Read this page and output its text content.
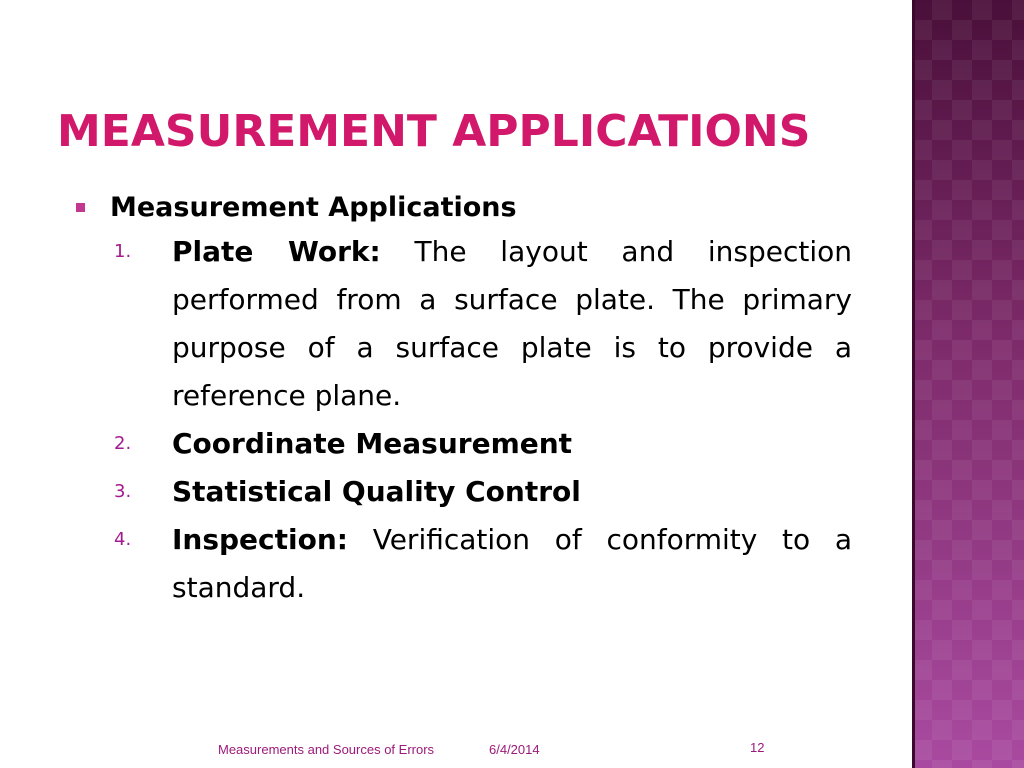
MEASUREMENT APPLICATIONS
Measurement Applications
1. Plate Work: The layout and inspection performed from a surface plate. The primary purpose of a surface plate is to provide a reference plane.
2. Coordinate Measurement
3. Statistical Quality Control
4. Inspection: Verification of conformity to a standard.
Measurements and Sources of Errors	6/4/2014	12
